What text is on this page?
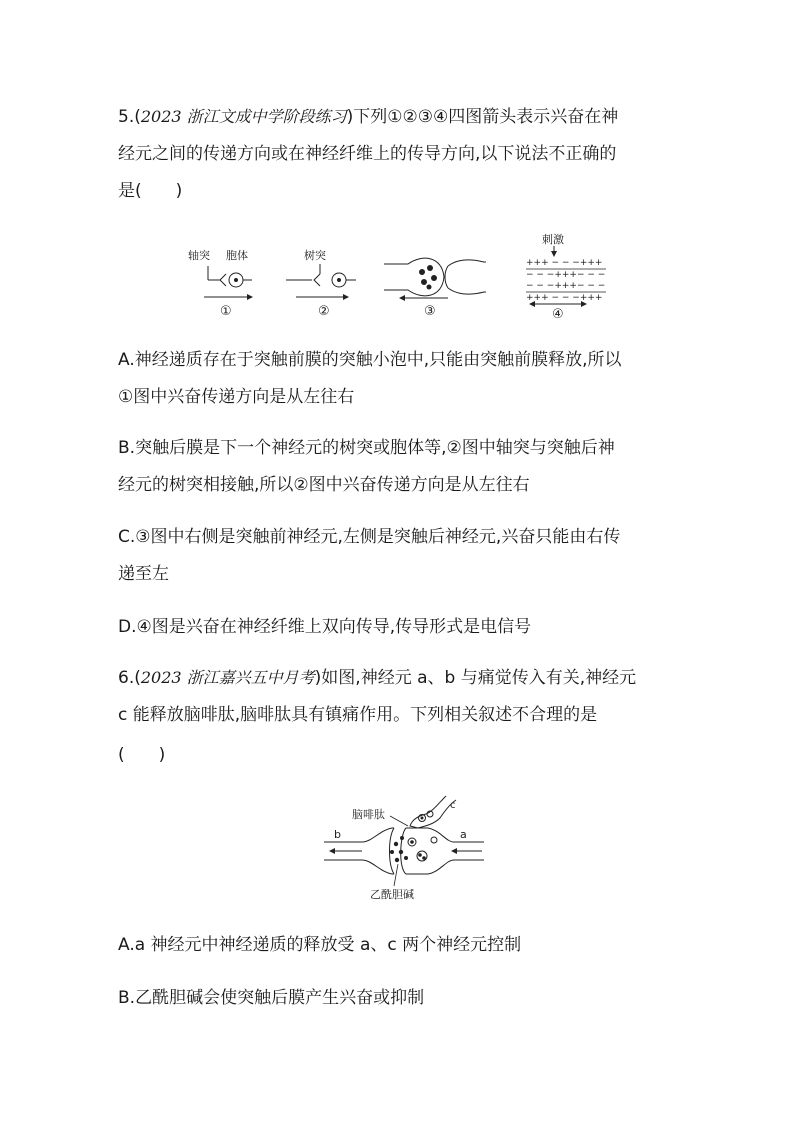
5.(2023 浙江文成中学阶段练习)下列①②③④四图箭头表示兴奋在神
经元之间的传递方向或在神经纤维上的传导方向,以下说法不正确的
是(　　)
轴突 胞体
①
树突
②	③
刺激
+++ − − −+++
− − −+++− − −
− − −+++− − −
+++ − − −+++
④
A.神经递质存在于突触前膜的突触小泡中,只能由突触前膜释放,所以
①图中兴奋传递方向是从左往右
B.突触后膜是下一个神经元的树突或胞体等,②图中轴突与突触后神
经元的树突相接触,所以②图中兴奋传递方向是从左往右
C.③图中右侧是突触前神经元,左侧是突触后神经元,兴奋只能由右传
递至左
D.④图是兴奋在神经纤维上双向传导,传导形式是电信号
6.(2023 浙江嘉兴五中月考)如图,神经元 a、b 与痛觉传入有关,神经元
c 能释放脑啡肽,脑啡肽具有镇痛作用。下列相关叙述不合理的是
(　　)
b	a
c
脑啡肽
乙酰胆碱
A.a 神经元中神经递质的释放受 a、c 两个神经元控制
B.乙酰胆碱会使突触后膜产生兴奋或抑制
